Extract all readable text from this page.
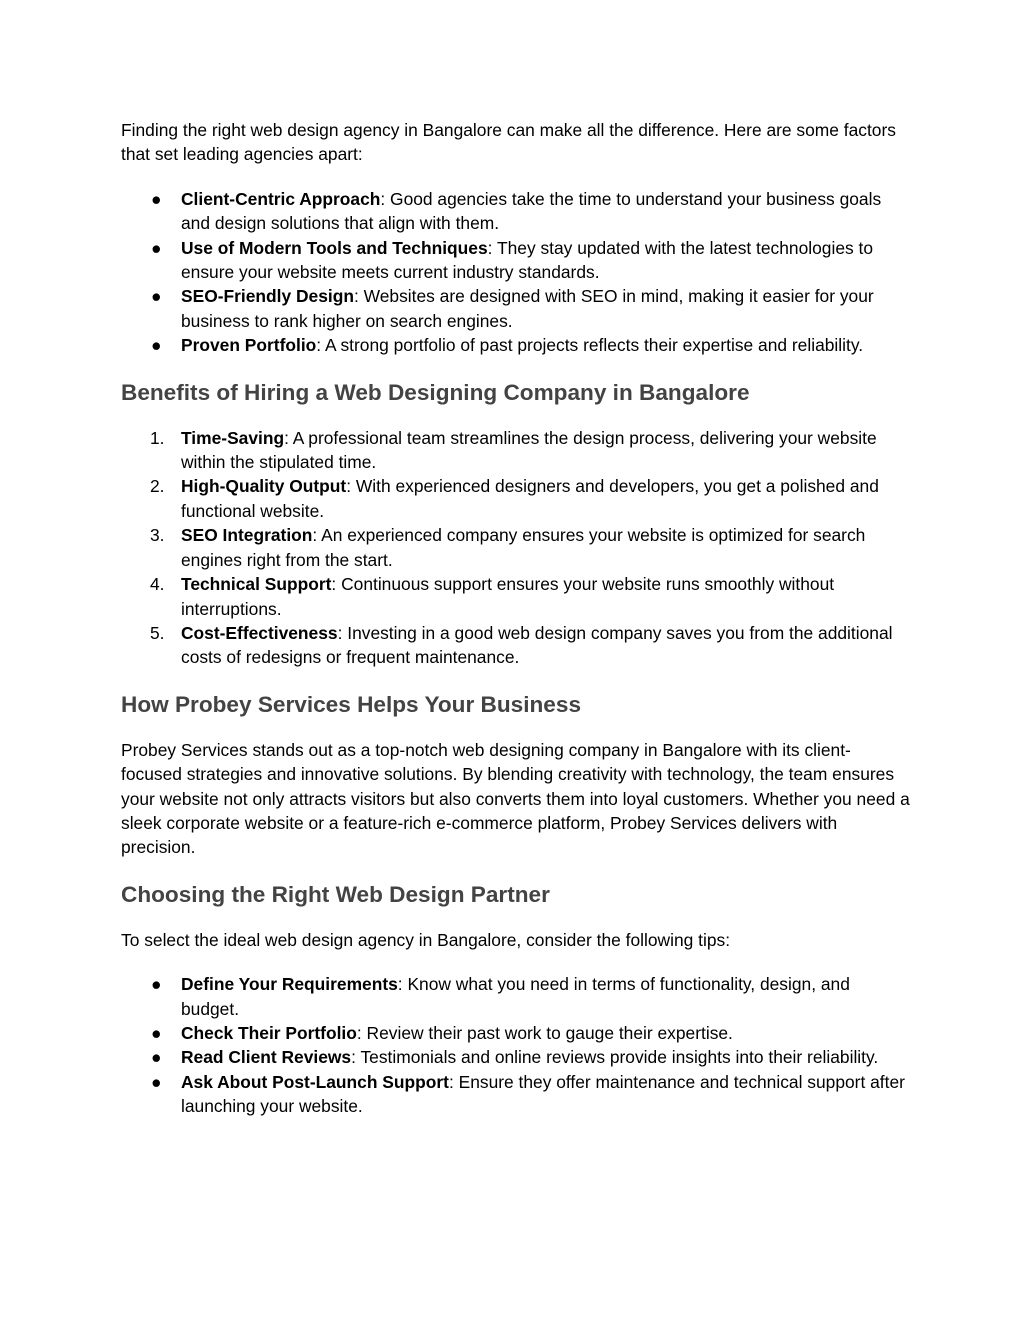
Finding the right web design agency in Bangalore can make all the difference. Here are some factors that set leading agencies apart:

● Client-Centric Approach: Good agencies take the time to understand your business goals and design solutions that align with them.
● Use of Modern Tools and Techniques: They stay updated with the latest technologies to ensure your website meets current industry standards.
● SEO-Friendly Design: Websites are designed with SEO in mind, making it easier for your business to rank higher on search engines.
● Proven Portfolio: A strong portfolio of past projects reflects their expertise and reliability.
Benefits of Hiring a Web Designing Company in Bangalore
1. Time-Saving: A professional team streamlines the design process, delivering your website within the stipulated time.
2. High-Quality Output: With experienced designers and developers, you get a polished and functional website.
3. SEO Integration: An experienced company ensures your website is optimized for search engines right from the start.
4. Technical Support: Continuous support ensures your website runs smoothly without interruptions.
5. Cost-Effectiveness: Investing in a good web design company saves you from the additional costs of redesigns or frequent maintenance.
How Probey Services Helps Your Business

Probey Services stands out as a top-notch web designing company in Bangalore with its client-focused strategies and innovative solutions. By blending creativity with technology, the team ensures your website not only attracts visitors but also converts them into loyal customers. Whether you need a sleek corporate website or a feature-rich e-commerce platform, Probey Services delivers with precision.

Choosing the Right Web Design Partner

To select the ideal web design agency in Bangalore, consider the following tips:

● Define Your Requirements: Know what you need in terms of functionality, design, and budget.
● Check Their Portfolio: Review their past work to gauge their expertise.
● Read Client Reviews: Testimonials and online reviews provide insights into their reliability.
● Ask About Post-Launch Support: Ensure they offer maintenance and technical support after launching your website.
